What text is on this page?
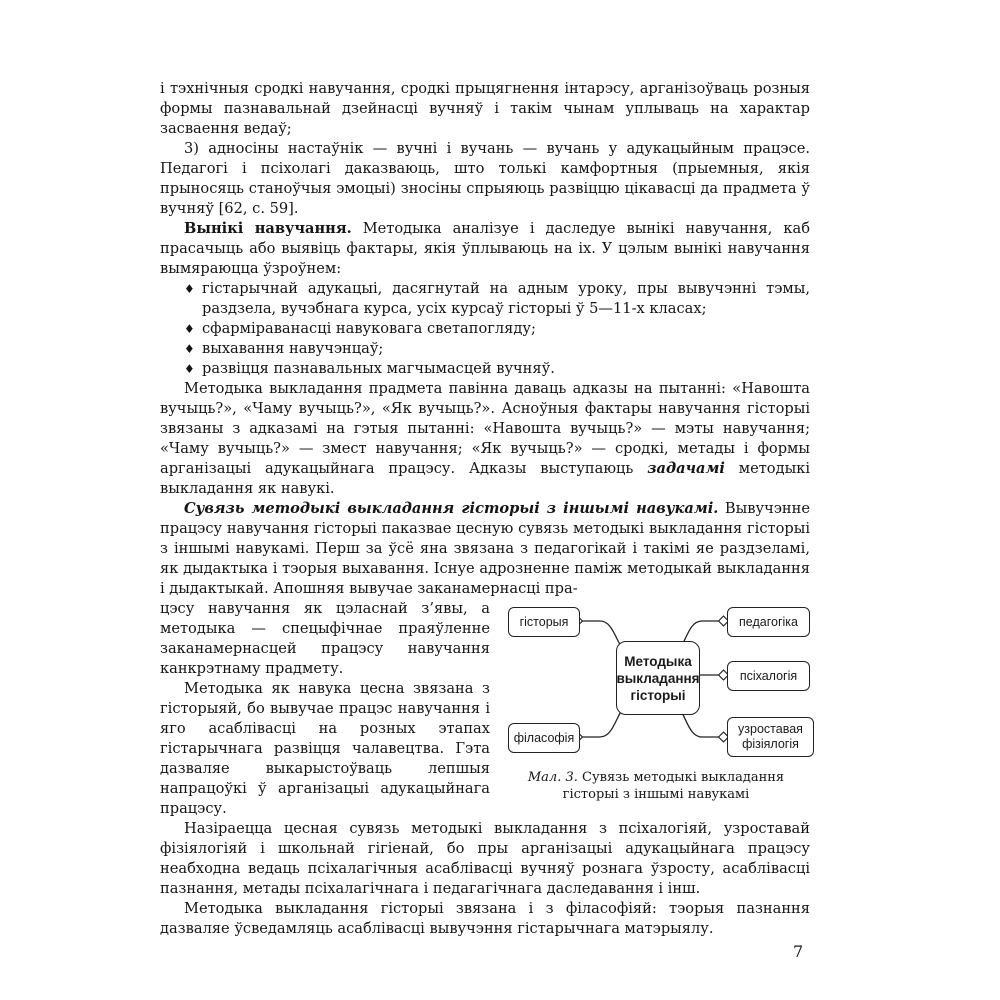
і тэхнічныя сродкі навучання, сродкі прыцягнення інтарэсу, арганізоўваць розныя формы пазнавальнай дзейнасці вучняў і такім чынам уплываць на характар засваення ведаў;

3) адносіны настаўнік — вучні і вучань — вучань у адукацыйным працэсе. Педагогі і псіхолагі даказваюць, што толькі камфортныя (прыемныя, якія прыносяць станоўчыя эмоцыі) зносіны спрыяюць развіццю цікавасці да прадмета ў вучняў [62, с. 59].

Вынікі навучання. Методыка аналізуе і даследуе вынікі навучання, каб прасачыць або выявіць фактары, якія ўплываюць на іх. У цэлым вынікі навучання вымяраюцца ўзроўнем:

♦ гістарычнай адукацыі, дасягнутай на адным уроку, пры вывучэнні тэмы, раздзела, вучэбнага курса, усіх курсаў гісторыі ў 5—11-х класах;
♦ сфарміраванасці навуковага светапогляду;
♦ выхавання навучэнцаў;
♦ развіцця пазнавальных магчымасцей вучняў.

Методыка выкладання прадмета павінна даваць адказы на пытанні: «Навошта вучыць?», «Чаму вучыць?», «Як вучыць?». Асноўныя фактары навучання гісторыі звязаны з адказамі на гэтыя пытанні: «Навошта вучыць?» — мэты навучання; «Чаму вучыць?» — змест навучання; «Як вучыць?» — сродкі, метады і формы арганізацыі адукацыйнага працэсу. Адказы выступаюць задачамі методыкі выкладання як навукі.

Сувязь методыкі выкладання гісторыі з іншымі навукамі. Вывучэнне працэсу навучання гісторыі паказвае цесную сувязь методыкі выкладання гісторыі з іншымі навукамі. Перш за ўсё яна звязана з педагогікай і такімі яе раздзеламі, як дыдактыка і тэорыя выхавання. Існуе адрозненне паміж методыкай выкладання і дыдактыкай. Апошняя вывучае заканамернасці пра-

цэсу навучання як цэласнай з’явы, а методыка — спецыфічнае праяўленне заканамернасцей працэсу навучання канкрэтнаму прадмету.

Методыка як навука цесна звязана з гісторыяй, бо вывучае працэс навучання і яго асаблівасці на розных этапах гістарычнага развіцця чалавецтва. Гэта дазваляе выкарыстоўваць лепшыя напрацоўкі ў арганізацыі адукацыйнага працэсу.

гісторыя
філасофія
Методыка выкладання гісторыі
педагогіка
псіхалогія
узроставая фізіялогія
Мал. 3. Сувязь методыкі выкладання гісторыі з іншымі навукамі

Назіраецца цесная сувязь методыкі выкладання з псіхалогіяй, узроставай фізіялогіяй і школьнай гігіенай, бо пры арганізацыі адукацыйнага працэсу неабходна ведаць псіхалагічныя асаблівасці вучняў рознага ўзросту, асаблівасці пазнання, метады псіхалагічнага і педагагічнага даследавання і інш.

Методыка выкладання гісторыі звязана і з філасофіяй: тэорыя пазнання дазваляе ўсведамляць асаблівасці вывучэння гістарычнага матэрыялу.

7
